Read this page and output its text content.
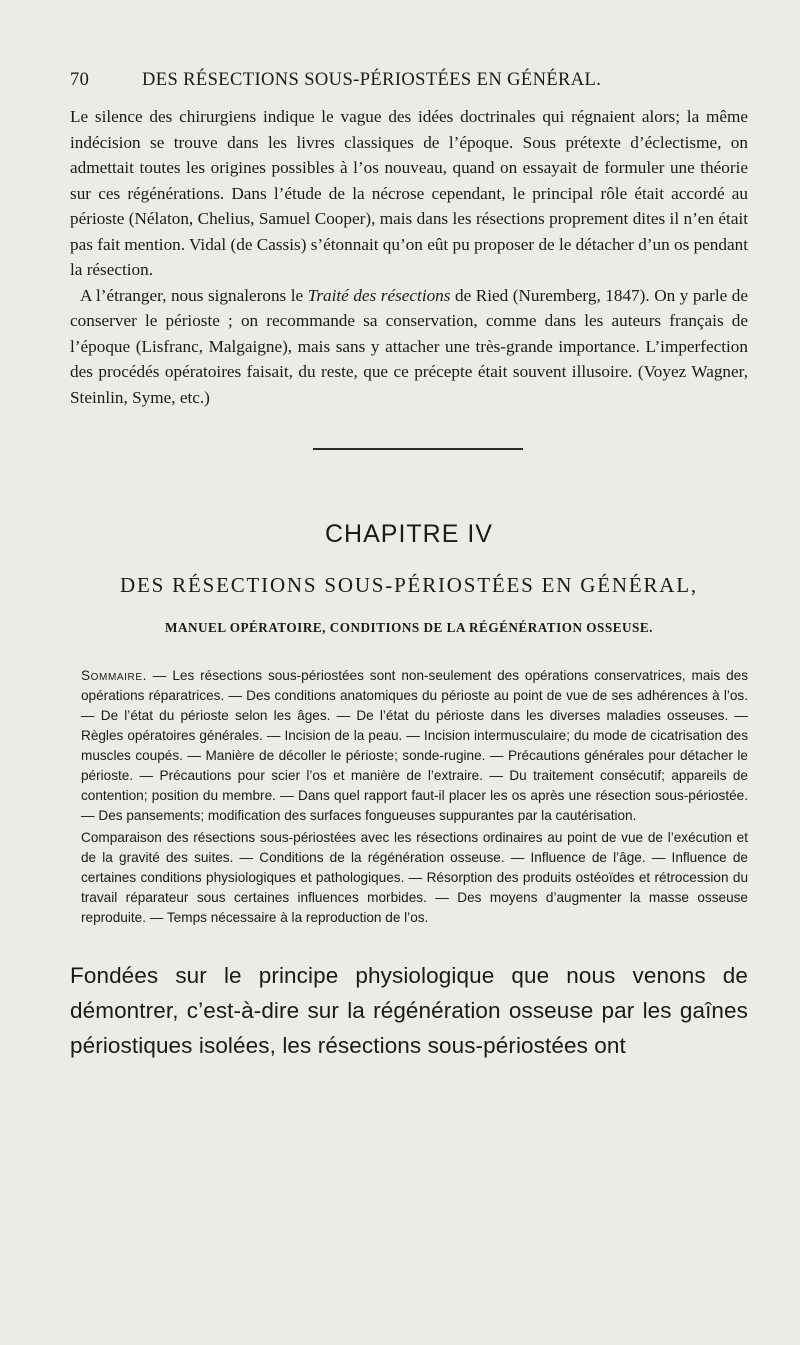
70	DES RÉSECTIONS SOUS-PÉRIOSTÉES EN GÉNÉRAL.

Le silence des chirurgiens indique le vague des idées doctrinales qui régnaient alors; la même indécision se trouve dans les livres classiques de l’époque. Sous prétexte d’éclectisme, on admettait toutes les origines possibles à l’os nouveau, quand on essayait de formuler une théorie sur ces régénérations. Dans l’étude de la nécrose cependant, le principal rôle était accordé au périoste (Nélaton, Chelius, Samuel Cooper), mais dans les résections proprement dites il n’en était pas fait mention. Vidal (de Cassis) s’étonnait qu’on eût pu proposer de le détacher d’un os pendant la résection.

A l’étranger, nous signalerons le Traité des résections de Ried (Nuremberg, 1847). On y parle de conserver le périoste ; on recommande sa conservation, comme dans les auteurs français de l’époque (Lisfranc, Malgaigne), mais sans y attacher une très-grande importance. L’imperfection des procédés opératoires faisait, du reste, que ce précepte était souvent illusoire. (Voyez Wagner, Steinlin, Syme, etc.)

CHAPITRE IV
DES RÉSECTIONS SOUS-PÉRIOSTÉES EN GÉNÉRAL,
MANUEL OPÉRATOIRE, CONDITIONS DE LA RÉGÉNÉRATION OSSEUSE.

Sommaire. — Les résections sous-périostées sont non-seulement des opérations conservatrices, mais des opérations réparatrices. — Des conditions anatomiques du périoste au point de vue de ses adhérences à l’os. — De l’état du périoste selon les âges. — De l’état du périoste dans les diverses maladies osseuses. — Règles opératoires générales. — Incision de la peau. — Incision intermusculaire; du mode de cicatrisation des muscles coupés. — Manière de décoller le périoste; sonde-rugine. — Précautions générales pour détacher le périoste. — Précautions pour scier l’os et manière de l’extraire. — Du traitement consécutif; appareils de contention; position du membre. — Dans quel rapport faut-il placer les os après une résection sous-périostée. — Des pansements; modification des surfaces fongueuses suppurantes par la cautérisation.

Comparaison des résections sous-périostées avec les résections ordinaires au point de vue de l’exécution et de la gravité des suites. — Conditions de la régénération osseuse. — Influence de l’âge. — Influence de certaines conditions physiologiques et pathologiques. — Résorption des produits ostéoïdes et rétrocession du travail réparateur sous certaines influences morbides. — Des moyens d’augmenter la masse osseuse reproduite. — Temps nécessaire à la reproduction de l’os.

Fondées sur le principe physiologique que nous venons de démontrer, c’est-à-dire sur la régénération osseuse par les gaînes périostiques isolées, les résections sous-périostées ont
